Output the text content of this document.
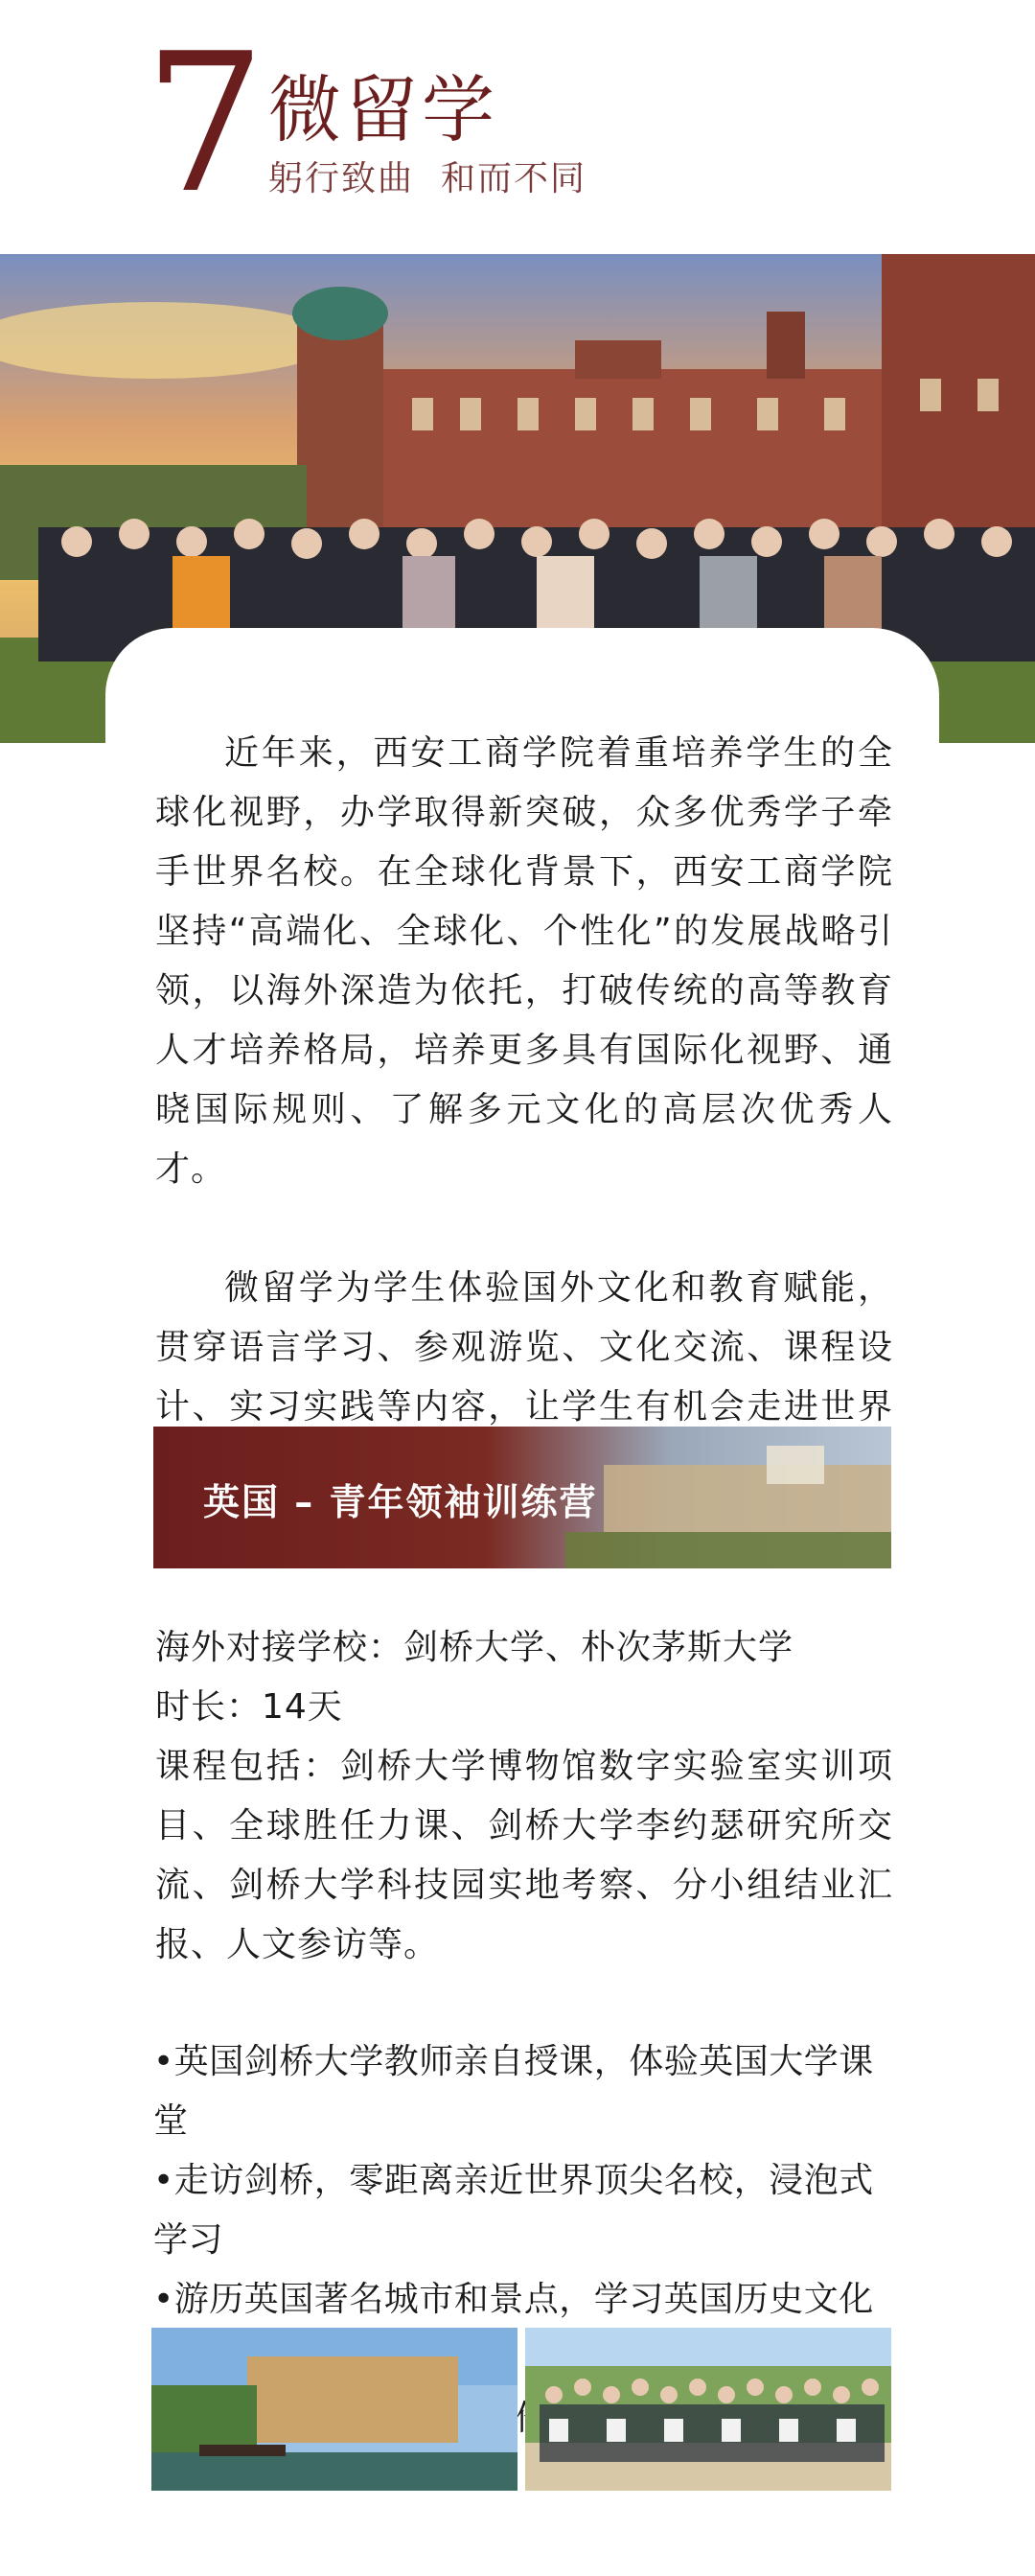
7 微留学
躬行致曲 和而不同

近年来，西安工商学院着重培养学生的全球化视野，办学取得新突破，众多优秀学子牵手世界名校。在全球化背景下，西安工商学院坚持“高端化、全球化、个性化”的发展战略引领，以海外深造为依托，打破传统的高等教育人才培养格局，培养更多具有国际化视野、通晓国际规则、了解多元文化的高层次优秀人才。

微留学为学生体验国外文化和教育赋能，贯穿语言学习、参观游览、文化交流、课程设计、实习实践等内容，让学生有机会走进世界

英国 – 青年领袖训练营

海外对接学校：剑桥大学、朴次茅斯大学

时长：14天

课程包括：剑桥大学博物馆数字实验室实训项目、全球胜任力课、剑桥大学李约瑟研究所交流、剑桥大学科技园实地考察、分小组结业汇报、人文参访等。

•英国剑桥大学教师亲自授课，体验英国大学课堂

•走访剑桥，零距离亲近世界顶尖名校，浸泡式学习

•游历英国著名城市和景点，学习英国历史文化
